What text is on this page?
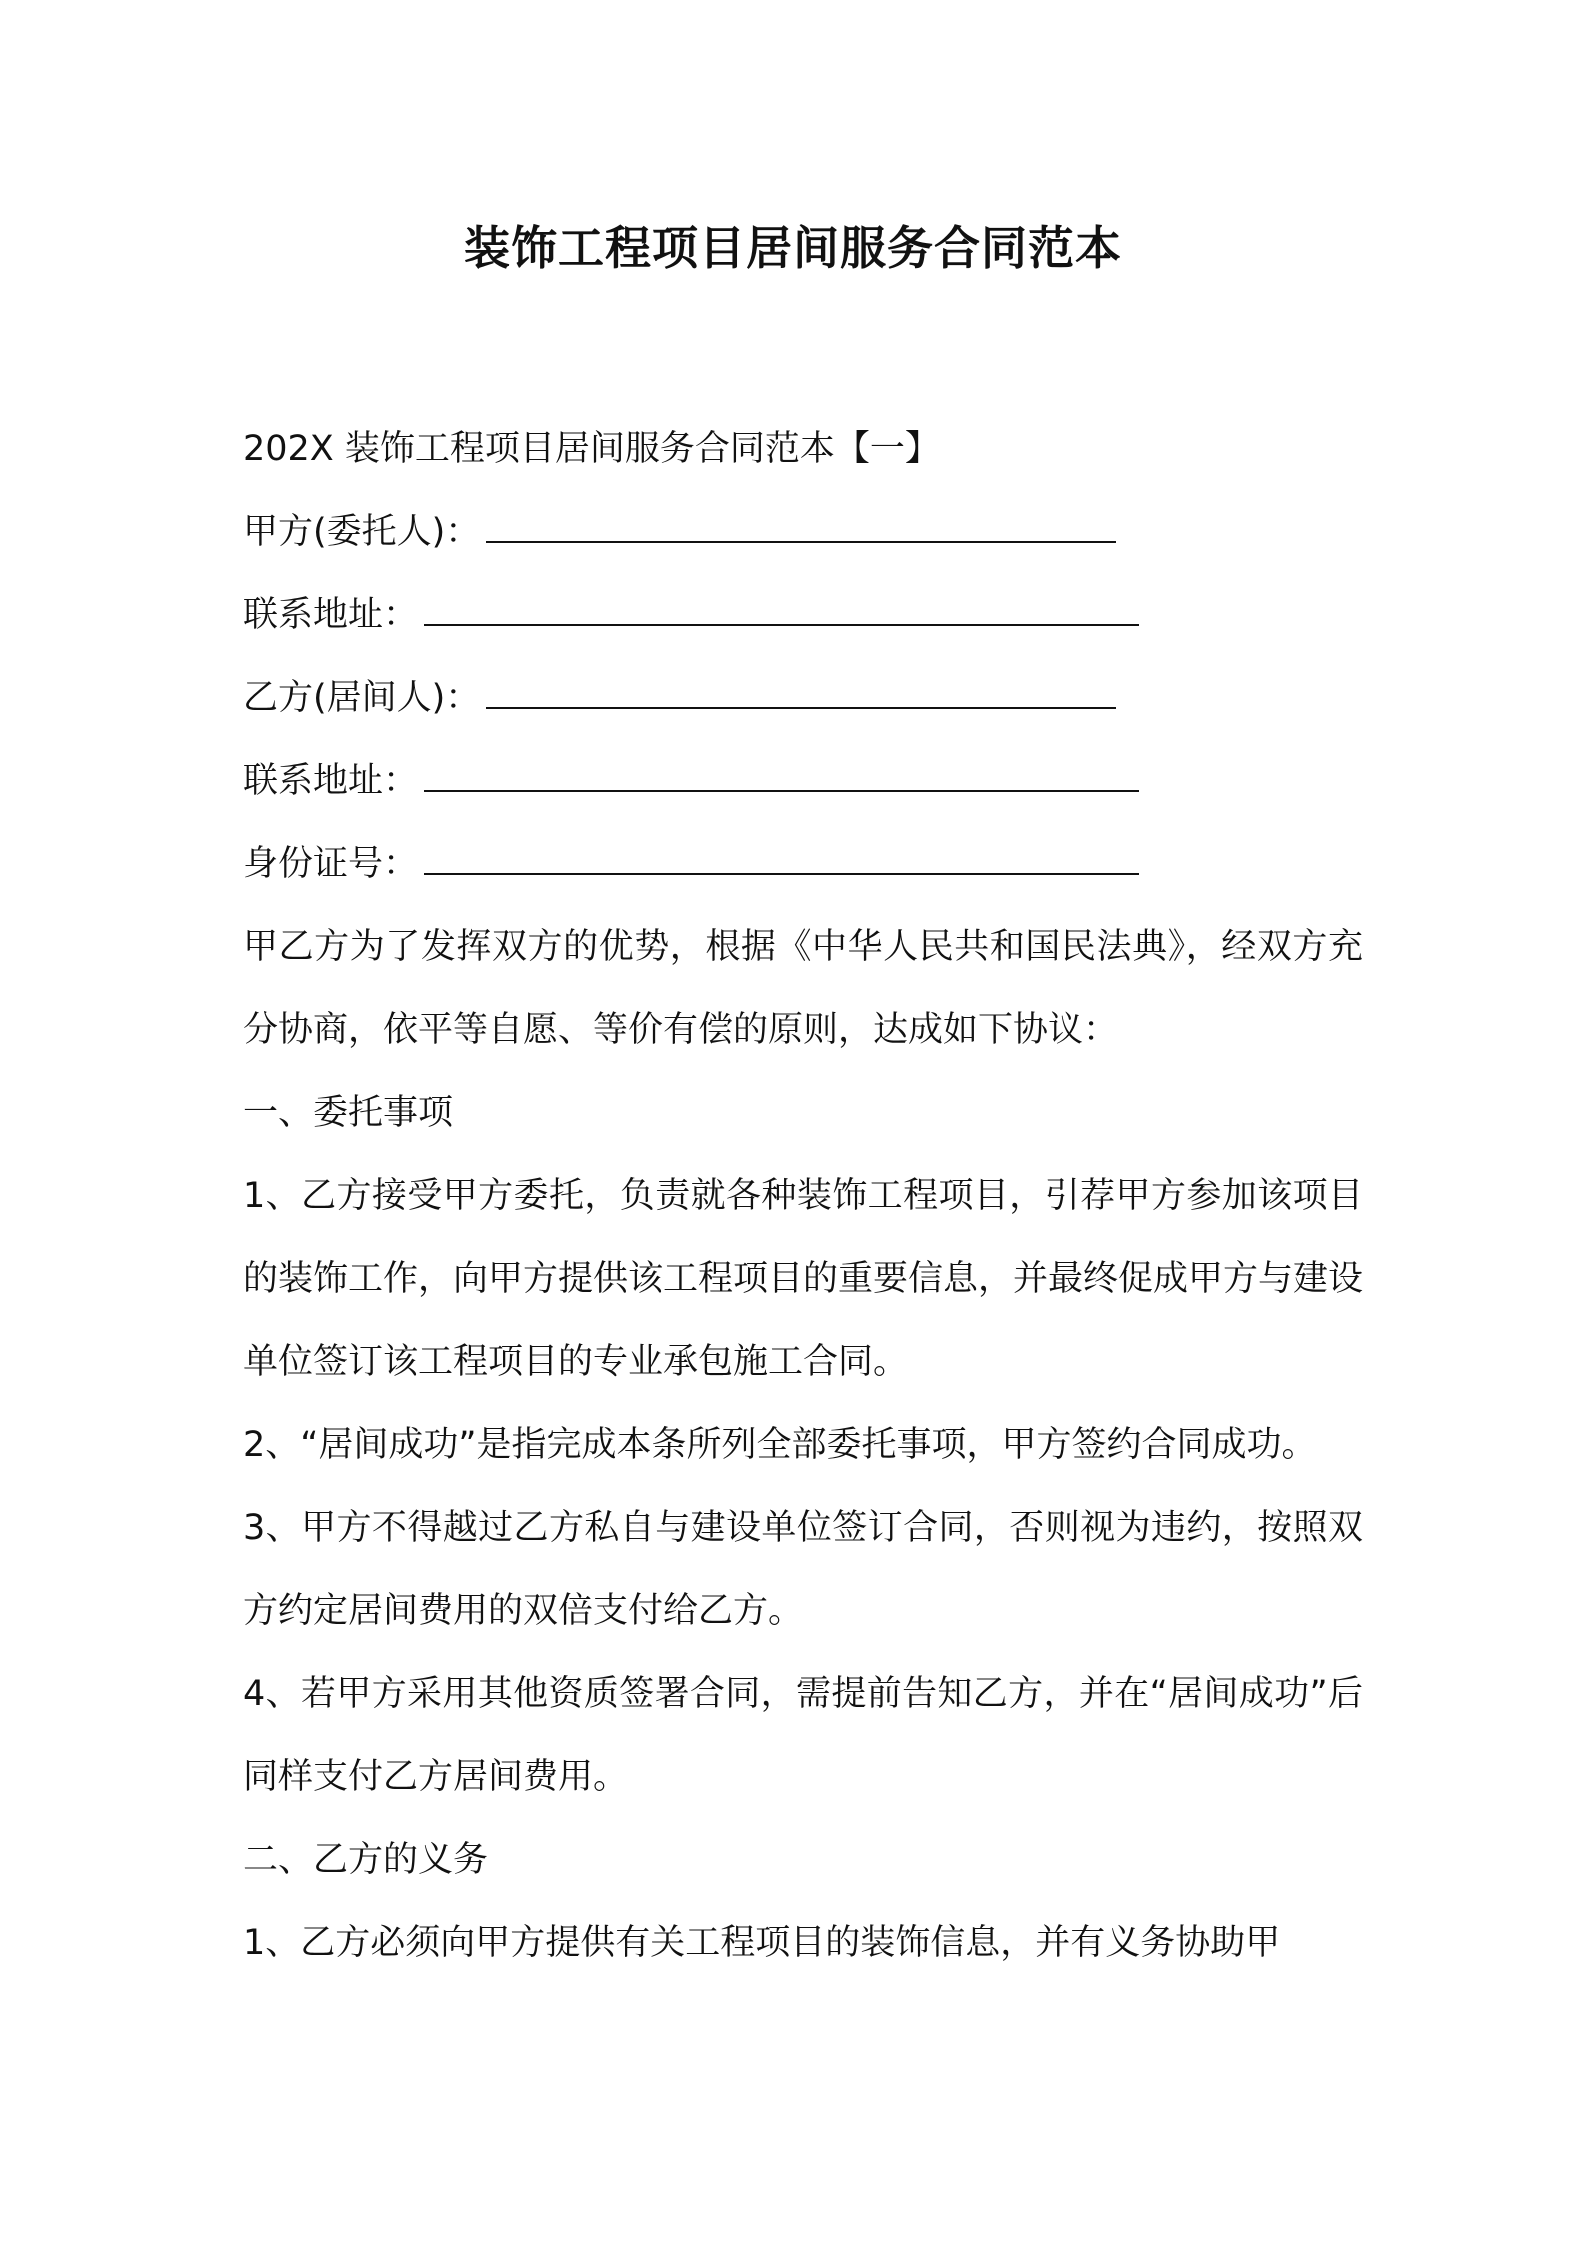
装饰工程项目居间服务合同范本
202X 装饰工程项目居间服务合同范本【一】
甲方(委托人)：
联系地址：
乙方(居间人)：
联系地址：
身份证号：
甲乙方为了发挥双方的优势，根据《中华人民共和国民法典》，经双方充分协商，依平等自愿、等价有偿的原则，达成如下协议：
一、委托事项
1、乙方接受甲方委托，负责就各种装饰工程项目，引荐甲方参加该项目的装饰工作，向甲方提供该工程项目的重要信息，并最终促成甲方与建设单位签订该工程项目的专业承包施工合同。
2、“居间成功”是指完成本条所列全部委托事项，甲方签约合同成功。
3、甲方不得越过乙方私自与建设单位签订合同，否则视为违约，按照双方约定居间费用的双倍支付给乙方。
4、若甲方采用其他资质签署合同，需提前告知乙方，并在“居间成功”后同样支付乙方居间费用。
二、乙方的义务
1、乙方必须向甲方提供有关工程项目的装饰信息，并有义务协助甲
